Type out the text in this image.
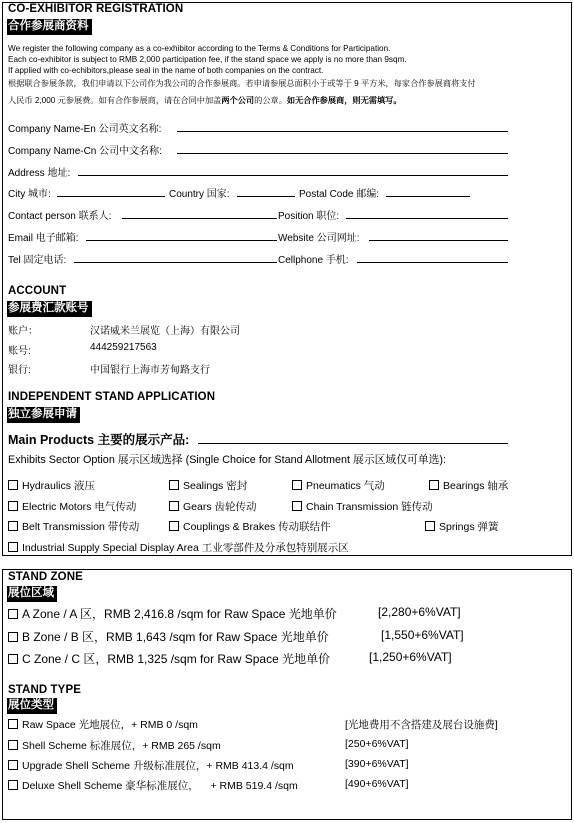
CO-EXHIBITOR REGISTRATION
合作参展商资料
We register the following company as a co-exhibitor according to the Terms & Conditions for Participation.
Each co-exhibitor is subject to RMB 2,000 participation fee, if the stand space we apply is no more than 9sqm.
If applied with co-echibitors,please seal in the name of both companies on the contract.
根据联合参展条款，我们申请以下公司作为我公司的合作参展商。若申请参展总面积小于或等于 9 平方米，每家合作参展商将支付
人民币 2,000 元参展费。如有合作参展商，请在合同中加盖两个公司的公章。如无合作参展商，则无需填写。
Company Name-En 公司英文名称:
Company Name-Cn 公司中文名称:
Address 地址:
City 城市:	Country 国家:	Postal Code 邮编:
Contact person 联系人:	Position 职位:
Email 电子邮箱:	Website 公司网址:
Tel 固定电话:	Cellphone 手机:
ACCOUNT
参展费汇款账号
账户：	汉诺威米兰展览（上海）有限公司
账号:	444259217563
银行:	中国银行上海市芳甸路支行
INDEPENDENT STAND APPLICATION
独立参展申请
Main Products 主要的展示产品:
Exhibits Sector Option 展示区域选择 (Single Choice for Stand Allotment 展示区域仅可单选):
Hydraulics 液压	Sealings 密封	Pneumatics 气动	Bearings 轴承
Electric Motors 电气传动	Gears 齿轮传动	Chain Transmission 链传动
Belt Transmission 带传动	Couplings & Brakes 传动联结件	Springs 弹簧
Industrial Supply Special Display Area 工业零部件及分承包特别展示区
STAND ZONE
展位区域
A Zone / A 区，RMB 2,416.8 /sqm for Raw Space 光地单价	[2,280+6%VAT]
B Zone / B 区，RMB 1,643 /sqm for Raw Space 光地单价	[1,550+6%VAT]
C Zone / C 区，RMB 1,325 /sqm for Raw Space 光地单价	[1,250+6%VAT]
STAND TYPE
展位类型
Raw Space 光地展位，+ RMB 0 /sqm	[光地费用不含搭建及展台设施费]
Shell Scheme 标准展位，+ RMB 265 /sqm	[250+6%VAT]
Upgrade Shell Scheme 升级标准展位，+ RMB 413.4 /sqm	[390+6%VAT]
Deluxe Shell Scheme 豪华标准展位，    + RMB 519.4 /sqm	[490+6%VAT]
